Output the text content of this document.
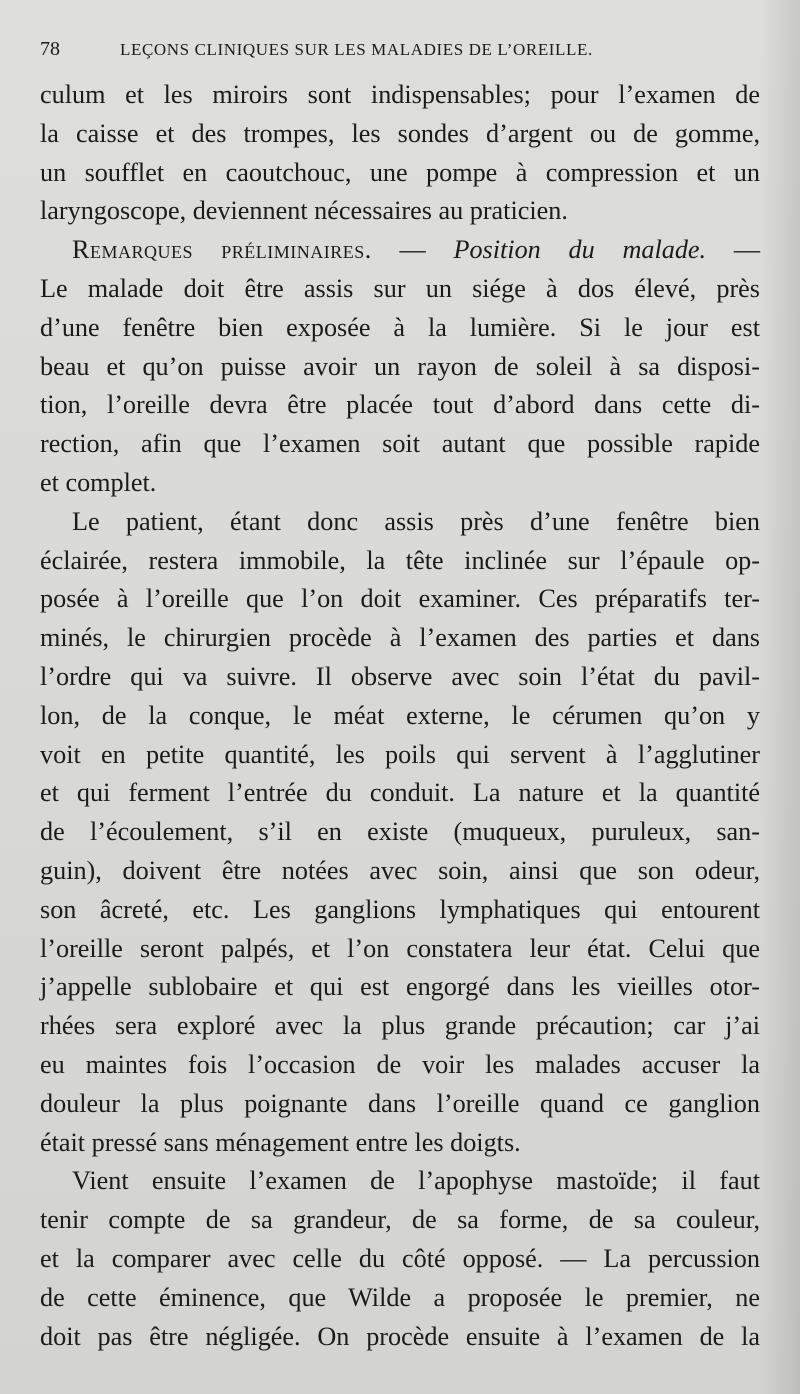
78	LEÇONS CLINIQUES SUR LES MALADIES DE L’OREILLE.
culum et les miroirs sont indispensables; pour l’examen de
la caisse et des trompes, les sondes d’argent ou de gomme,
un soufflet en caoutchouc, une pompe à compression et un
laryngoscope, deviennent nécessaires au praticien.
Remarques préliminaires. — Position du malade. —
Le malade doit être assis sur un siége à dos élevé, près
d’une fenêtre bien exposée à la lumière. Si le jour est
beau et qu’on puisse avoir un rayon de soleil à sa disposi-
tion, l’oreille devra être placée tout d’abord dans cette di-
rection, afin que l’examen soit autant que possible rapide
et complet.
Le patient, étant donc assis près d’une fenêtre bien
éclairée, restera immobile, la tête inclinée sur l’épaule op-
posée à l’oreille que l’on doit examiner. Ces préparatifs ter-
minés, le chirurgien procède à l’examen des parties et dans
l’ordre qui va suivre. Il observe avec soin l’état du pavil-
lon, de la conque, le méat externe, le cérumen qu’on y
voit en petite quantité, les poils qui servent à l’agglutiner
et qui ferment l’entrée du conduit. La nature et la quantité
de l’écoulement, s’il en existe (muqueux, puruleux, san-
guin), doivent être notées avec soin, ainsi que son odeur,
son âcreté, etc. Les ganglions lymphatiques qui entourent
l’oreille seront palpés, et l’on constatera leur état. Celui que
j’appelle sublobaire et qui est engorgé dans les vieilles otor-
rhées sera exploré avec la plus grande précaution; car j’ai
eu maintes fois l’occasion de voir les malades accuser la
douleur la plus poignante dans l’oreille quand ce ganglion
était pressé sans ménagement entre les doigts.
Vient ensuite l’examen de l’apophyse mastoïde; il faut
tenir compte de sa grandeur, de sa forme, de sa couleur,
et la comparer avec celle du côté opposé. — La percussion
de cette éminence, que Wilde a proposée le premier, ne
doit pas être négligée. On procède ensuite à l’examen de la
